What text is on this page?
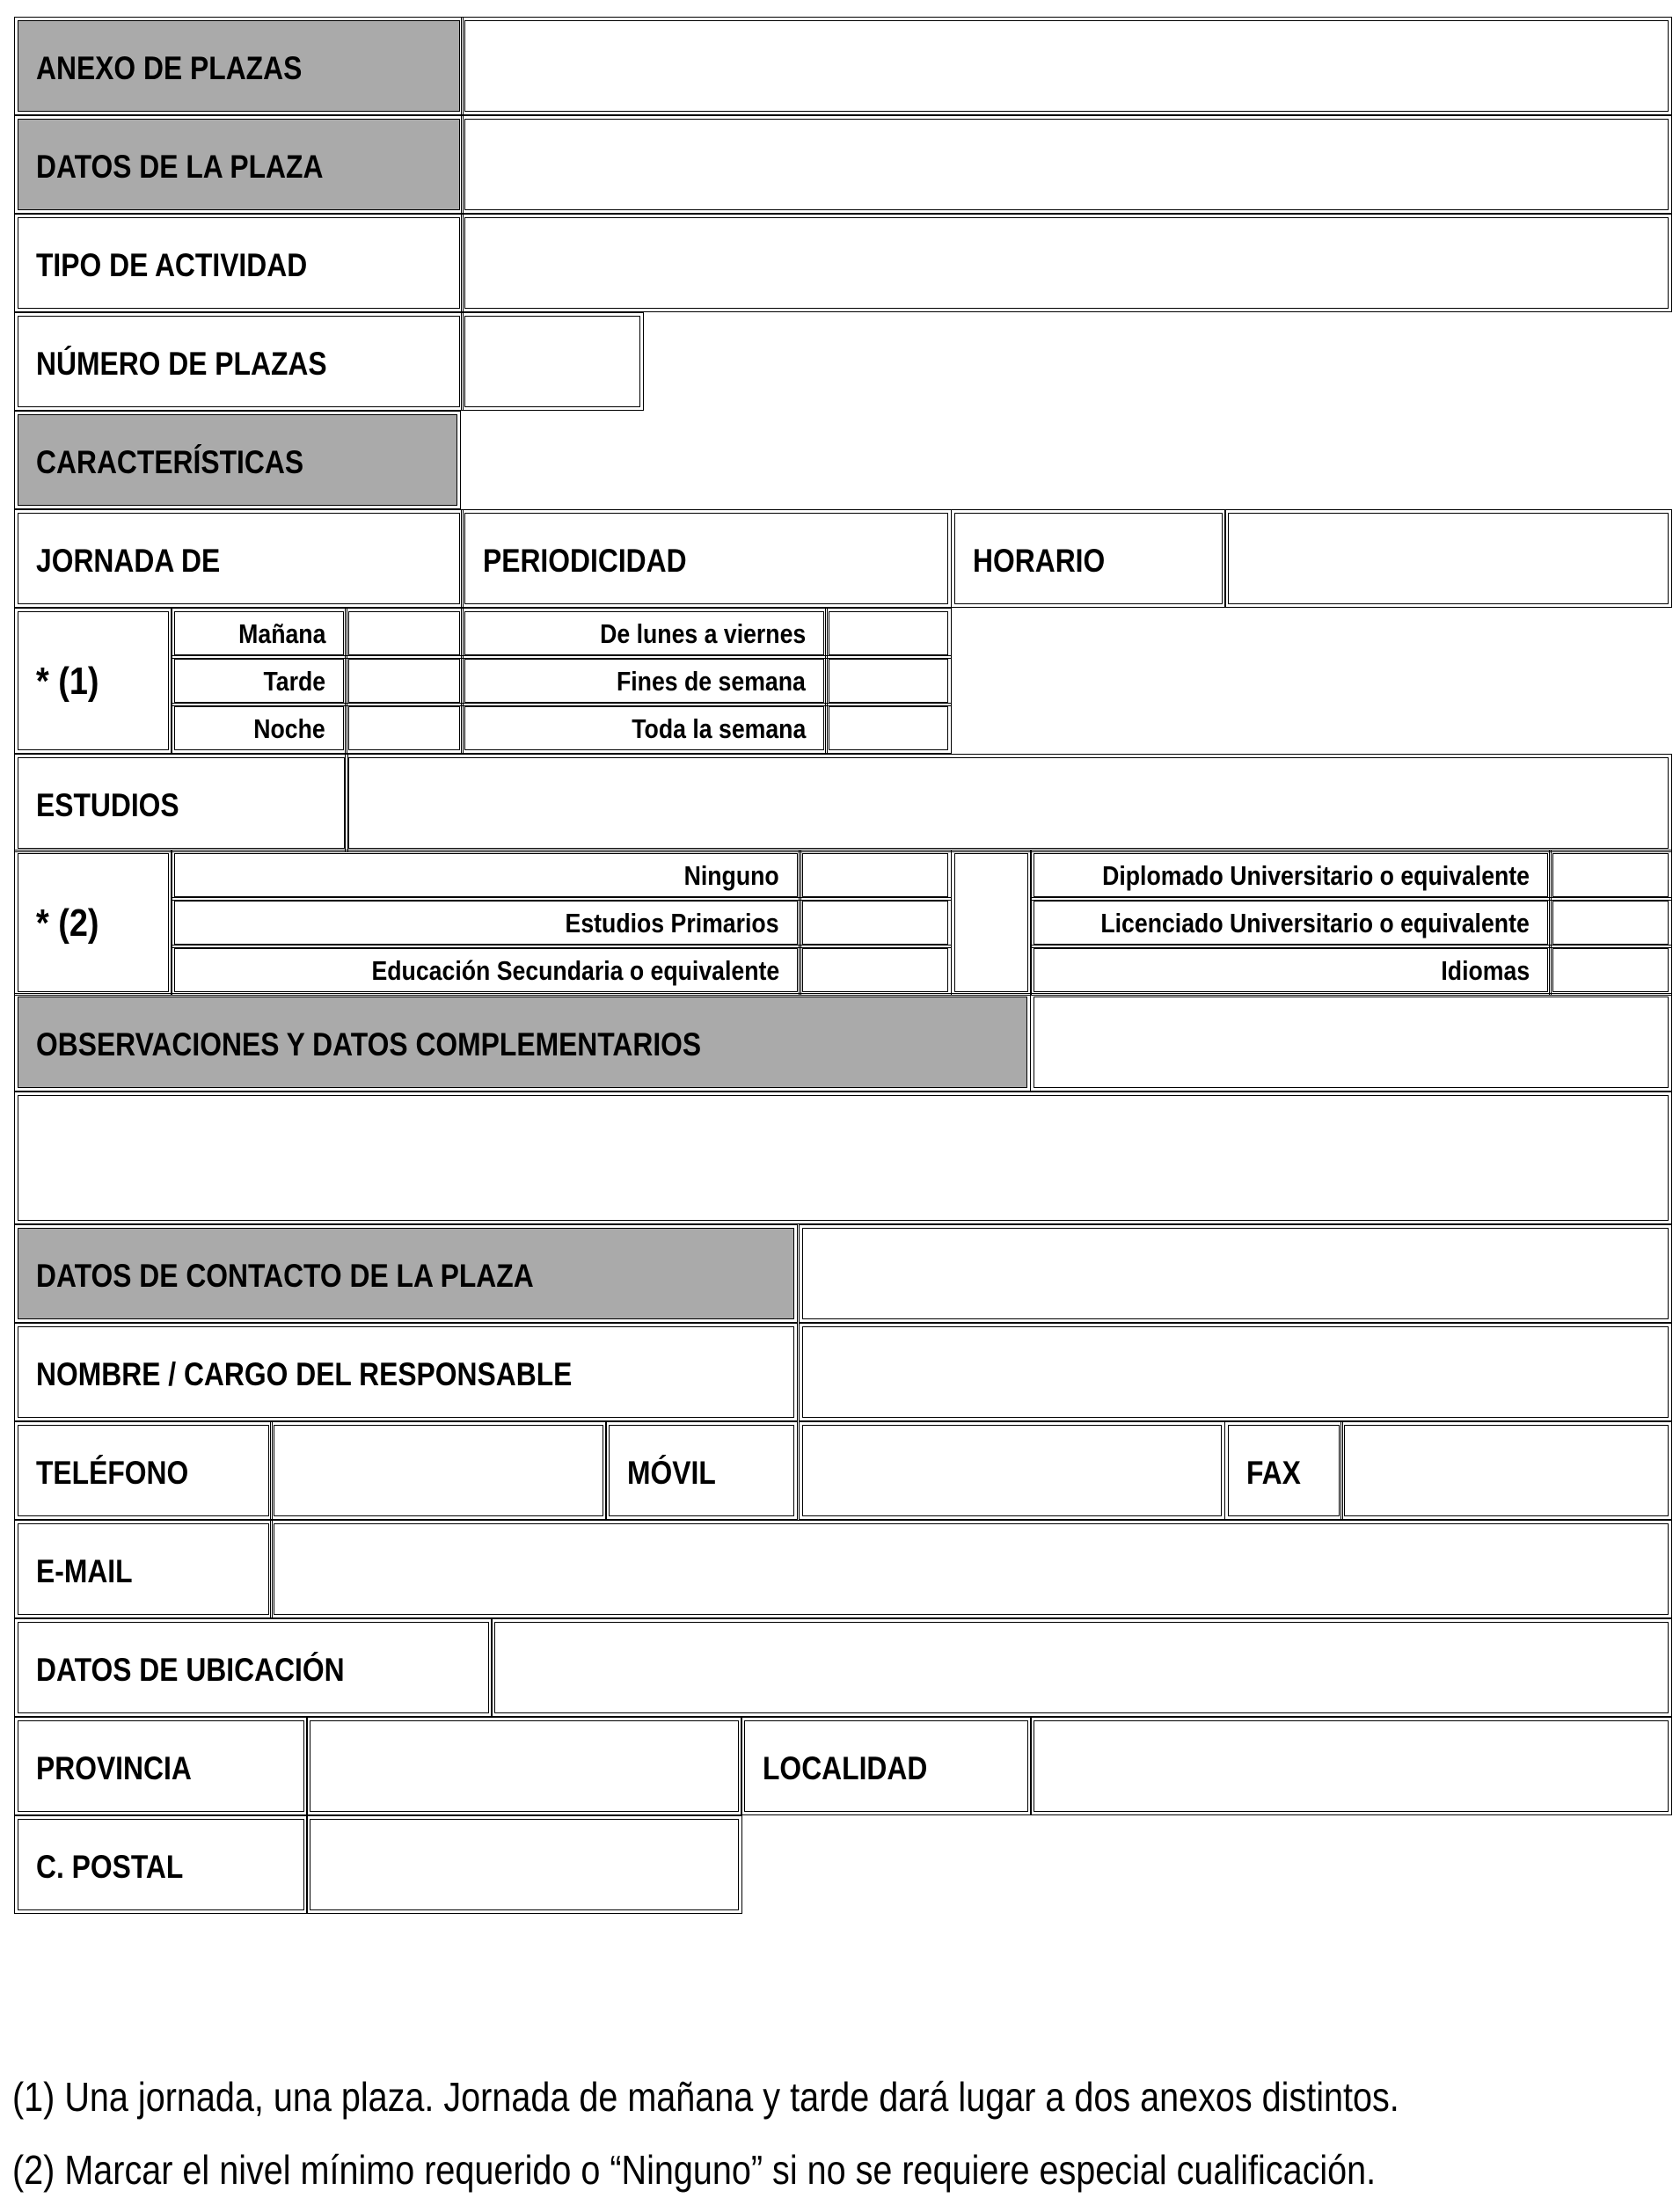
ANEXO DE PLAZAS
DATOS DE LA PLAZA
TIPO DE ACTIVIDAD
NÚMERO DE PLAZAS
CARACTERÍSTICAS
JORNADA DE	PERIODICIDAD	HORARIO
* (1)
Mañana	De lunes a viernes
Tarde	Fines de semana
Noche	Toda la semana
ESTUDIOS
* (2)
Ninguno	Diplomado Universitario o equivalente
Estudios Primarios	Licenciado Universitario o equivalente
Educación Secundaria o equivalente	Idiomas
OBSERVACIONES Y DATOS COMPLEMENTARIOS
DATOS DE CONTACTO DE LA PLAZA
NOMBRE / CARGO DEL RESPONSABLE
TELÉFONO	MÓVIL	FAX
E-MAIL
DATOS DE UBICACIÓN
PROVINCIA	LOCALIDAD
C. POSTAL
(1) Una jornada, una plaza. Jornada de mañana y tarde dará lugar a dos anexos distintos.
(2) Marcar el nivel mínimo requerido o “Ninguno” si no se requiere especial cualificación.
